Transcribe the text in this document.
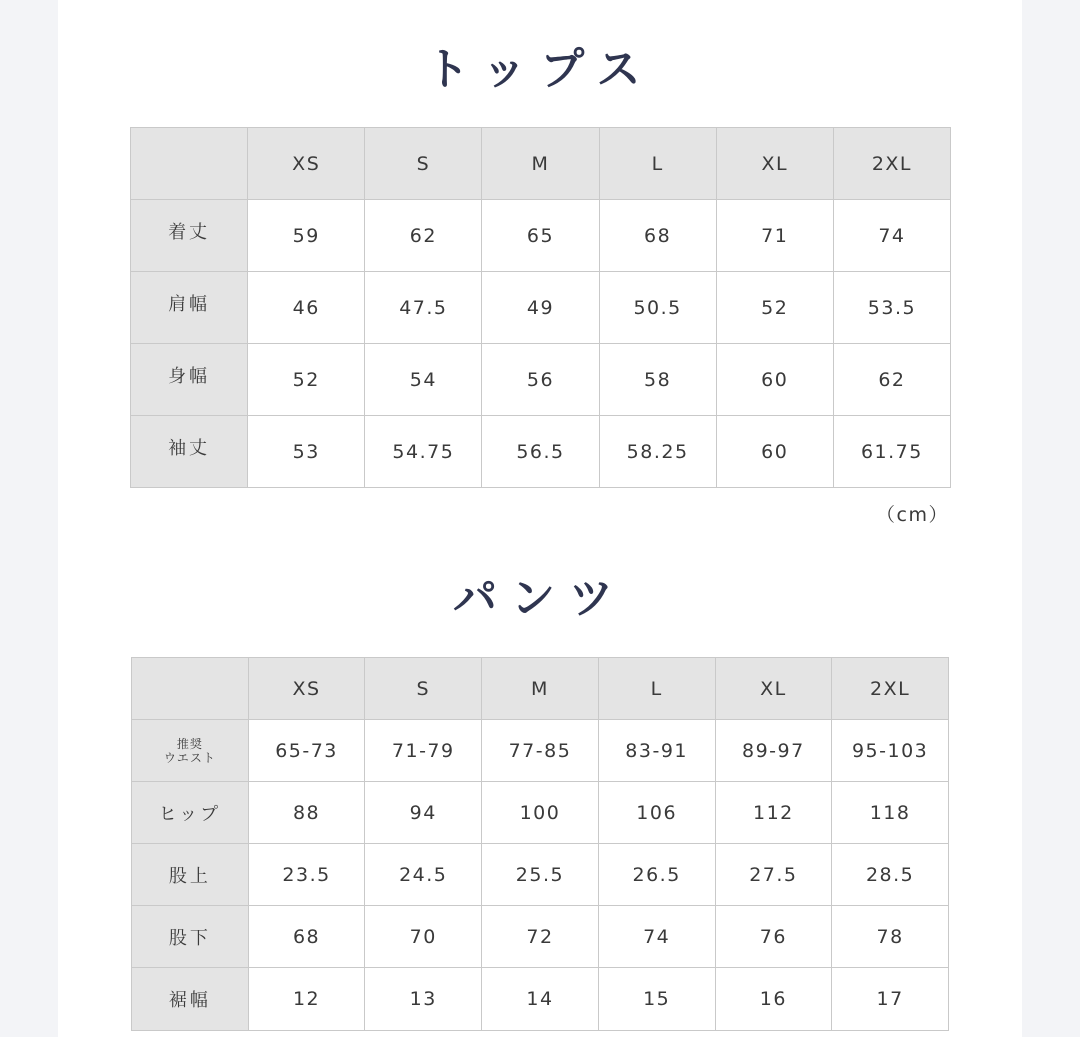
トップス
	XS	S	M	L	XL	2XL
着丈	59	62	65	68	71	74
肩幅	46	47.5	49	50.5	52	53.5
身幅	52	54	56	58	60	62
袖丈	53	54.75	56.5	58.25	60	61.75
（cm）
パンツ
	XS	S	M	L	XL	2XL

推奨
ウエスト	65-73	71-79	77-85	83-91	89-97	95-103
ヒップ	88	94	100	106	112	118
股上	23.5	24.5	25.5	26.5	27.5	28.5
股下	68	70	72	74	76	78
裾幅	12	13	14	15	16	17
